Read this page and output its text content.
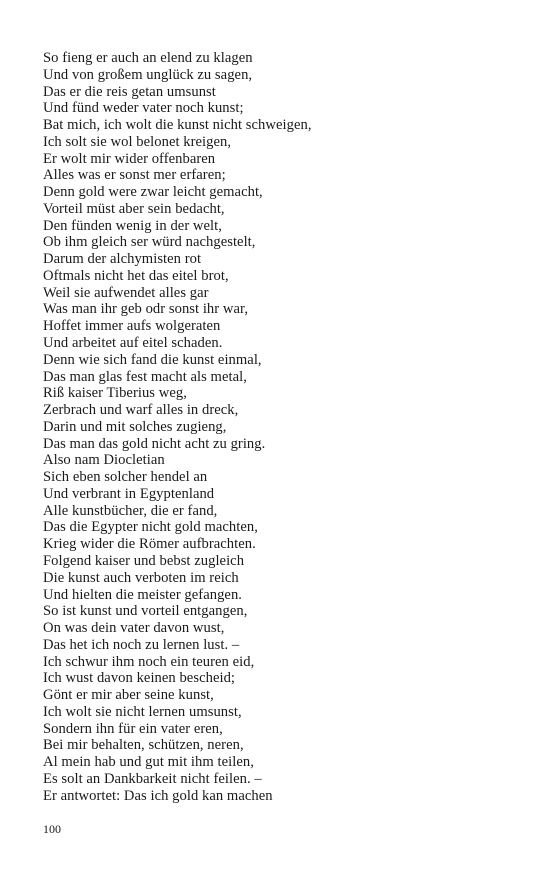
So fieng er auch an elend zu klagen
Und von großem unglück zu sagen,
Das er die reis getan umsunst
Und fünd weder vater noch kunst;
Bat mich, ich wolt die kunst nicht schweigen,
Ich solt sie wol belonet kreigen,
Er wolt mir wider offenbaren
Alles was er sonst mer erfaren;
Denn gold were zwar leicht gemacht,
Vorteil müst aber sein bedacht,
Den fünden wenig in der welt,
Ob ihm gleich ser würd nachgestelt,
Darum der alchymisten rot
Oftmals nicht het das eitel brot,
Weil sie aufwendet alles gar
Was man ihr geb odr sonst ihr war,
Hoffet immer aufs wolgeraten
Und arbeitet auf eitel schaden.
Denn wie sich fand die kunst einmal,
Das man glas fest macht als metal,
Riß kaiser Tiberius weg,
Zerbrach und warf alles in dreck,
Darin und mit solches zugieng,
Das man das gold nicht acht zu gring.
Also nam Diocletian
Sich eben solcher hendel an
Und verbrant in Egyptenland
Alle kunstbücher, die er fand,
Das die Egypter nicht gold machten,
Krieg wider die Römer aufbrachten.
Folgend kaiser und bebst zugleich
Die kunst auch verboten im reich
Und hielten die meister gefangen.
So ist kunst und vorteil entgangen,
On was dein vater davon wust,
Das het ich noch zu lernen lust. –
Ich schwur ihm noch ein teuren eid,
Ich wust davon keinen bescheid;
Gönt er mir aber seine kunst,
Ich wolt sie nicht lernen umsunst,
Sondern ihn für ein vater eren,
Bei mir behalten, schützen, neren,
Al mein hab und gut mit ihm teilen,
Es solt an Dankbarkeit nicht feilen. –
Er antwortet: Das ich gold kan machen
100
